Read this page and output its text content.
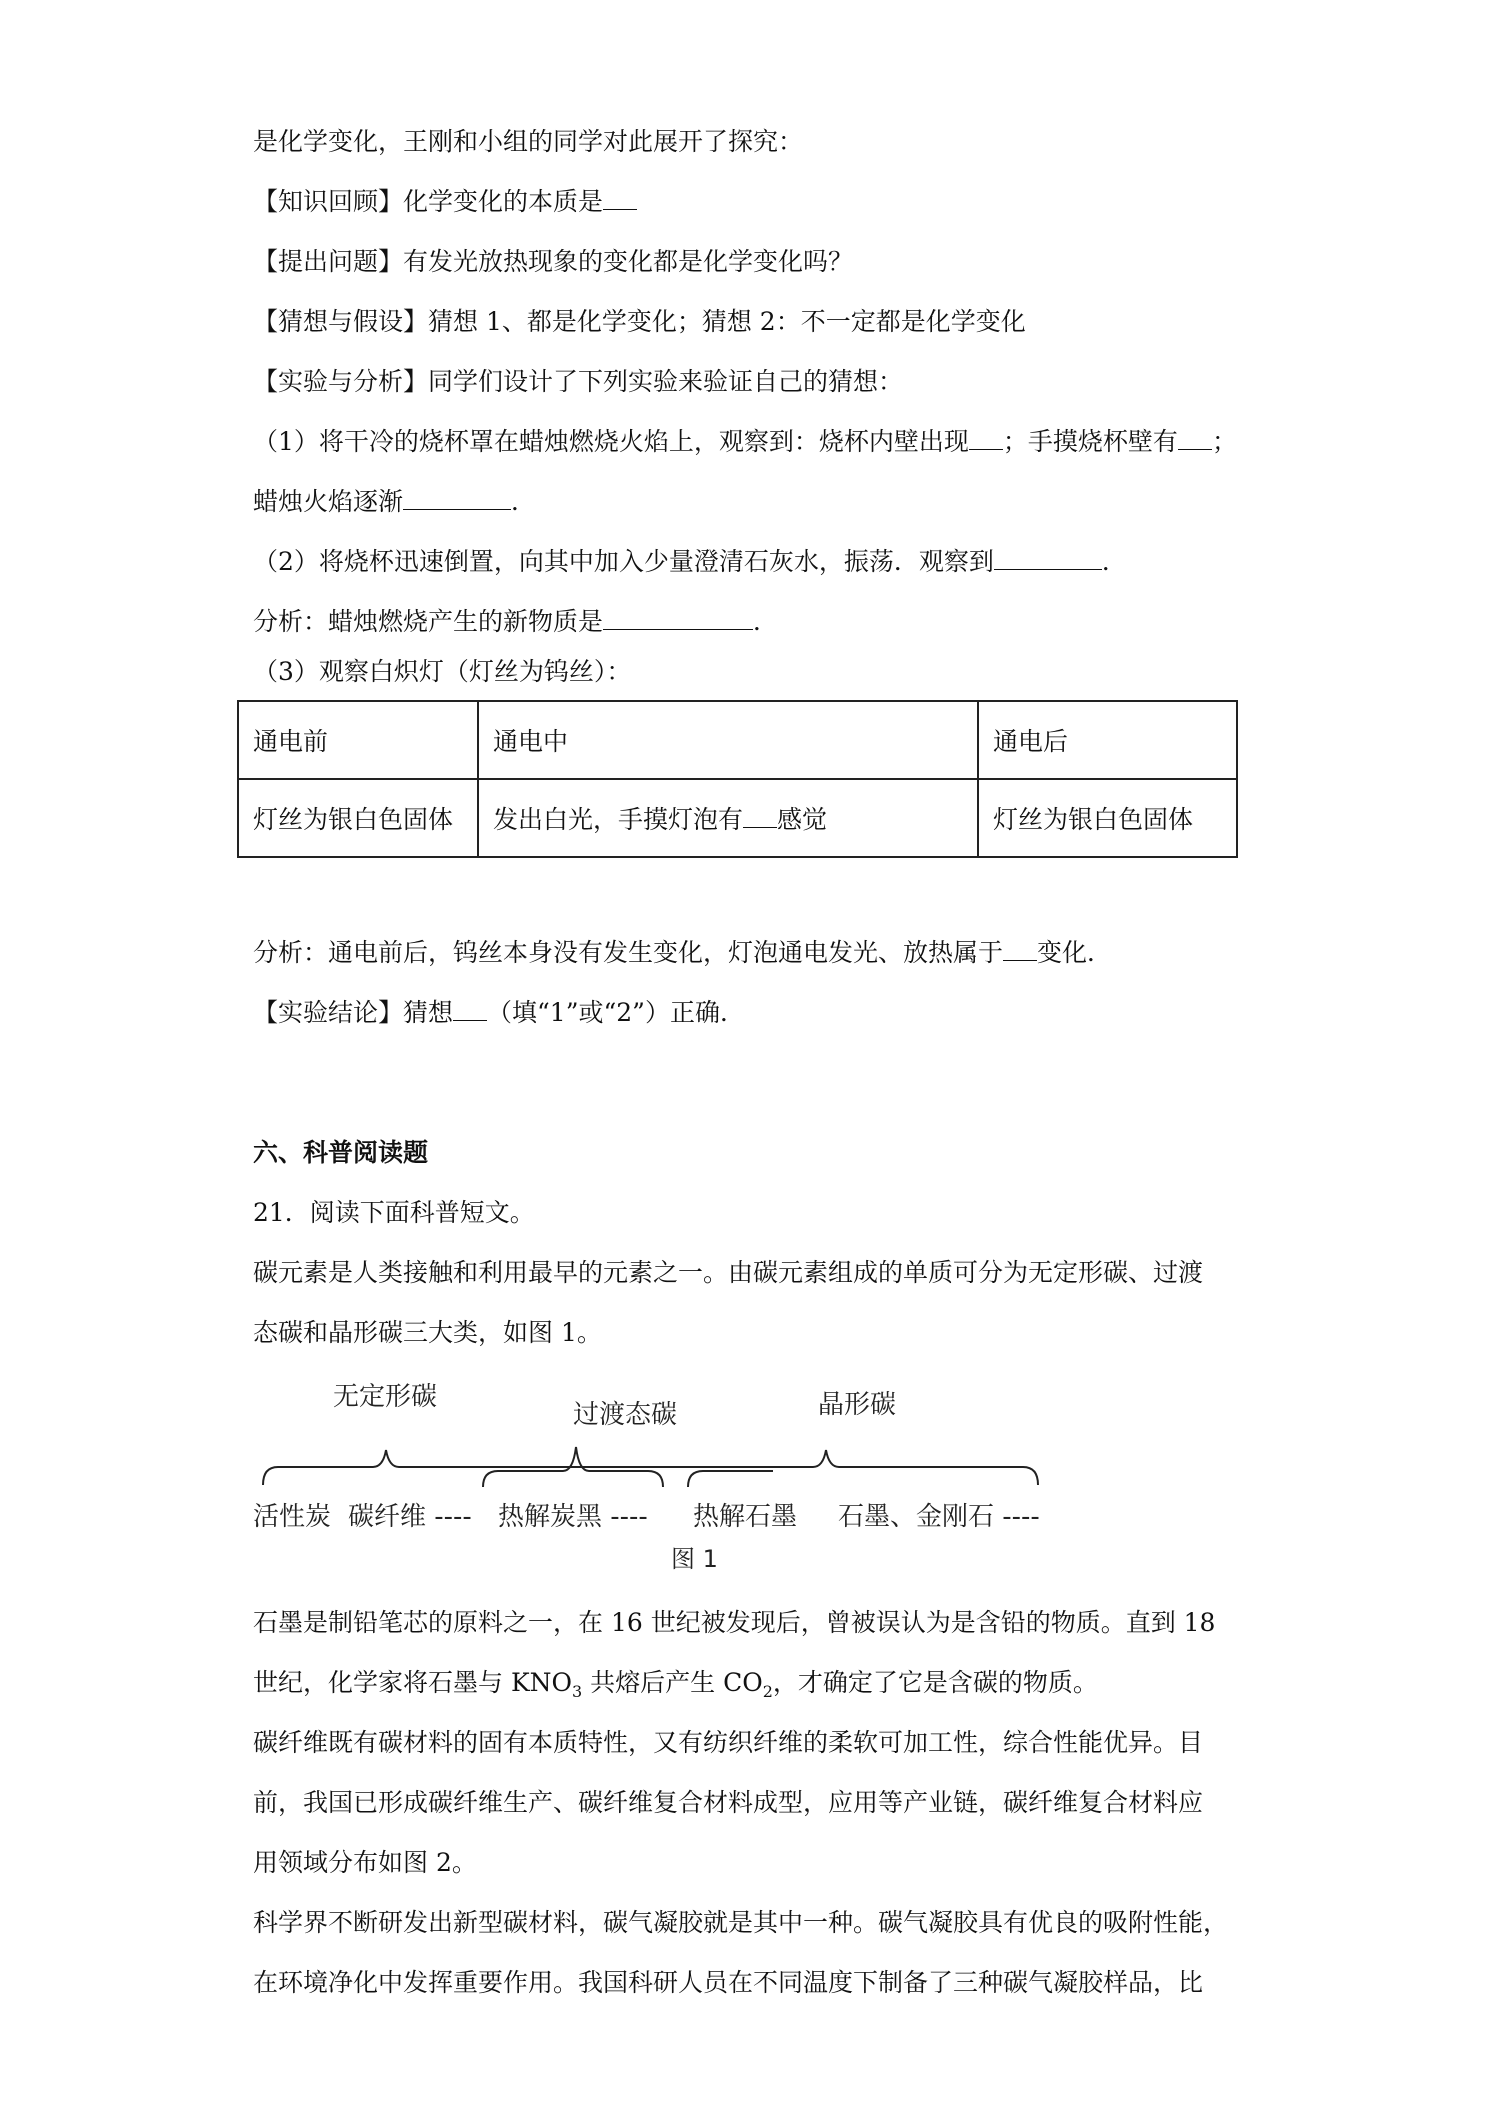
是化学变化，王刚和小组的同学对此展开了探究：
【知识回顾】化学变化的本质是
【提出问题】有发光放热现象的变化都是化学变化吗？
【猜想与假设】猜想 1、都是化学变化；猜想 2：不一定都是化学变化
【实验与分析】同学们设计了下列实验来验证自己的猜想：
（1）将干冷的烧杯罩在蜡烛燃烧火焰上，观察到：烧杯内壁出现 ；手摸烧杯壁有 ；
蜡烛火焰逐渐	．
（2）将烧杯迅速倒置，向其中加入少量澄清石灰水，振荡．观察到	．
分析：蜡烛燃烧产生的新物质是	．
（3）观察白炽灯（灯丝为钨丝）：
通电前	通电中	通电后
灯丝为银白色固体	发出白光，手摸灯泡有 感觉	灯丝为银白色固体
分析：通电前后，钨丝本身没有发生变化，灯泡通电发光、放热属于 变化．
【实验结论】猜想 （填“1”或“2”）正确．
六、科普阅读题
21．阅读下面科普短文。
碳元素是人类接触和利用最早的元素之一。由碳元素组成的单质可分为无定形碳、过渡
态碳和晶形碳三大类，如图 1。
无定形碳
过渡态碳	晶形碳
活性炭 碳纤维 ---- 热解炭黑 ---- 热解石墨 石墨、金刚石 ----
图 1
石墨是制铅笔芯的原料之一，在 16 世纪被发现后，曾被误认为是含铅的物质。直到 18
世纪，化学家将石墨与 $KNO_3$ 共熔后产生 $CO_2$，才确定了它是含碳的物质。
碳纤维既有碳材料的固有本质特性，又有纺织纤维的柔软可加工性，综合性能优异。目
前，我国已形成碳纤维生产、碳纤维复合材料成型，应用等产业链，碳纤维复合材料应
用领域分布如图 2。
科学界不断研发出新型碳材料，碳气凝胶就是其中一种。碳气凝胶具有优良的吸附性能，
在环境净化中发挥重要作用。我国科研人员在不同温度下制备了三种碳气凝胶样品，比
